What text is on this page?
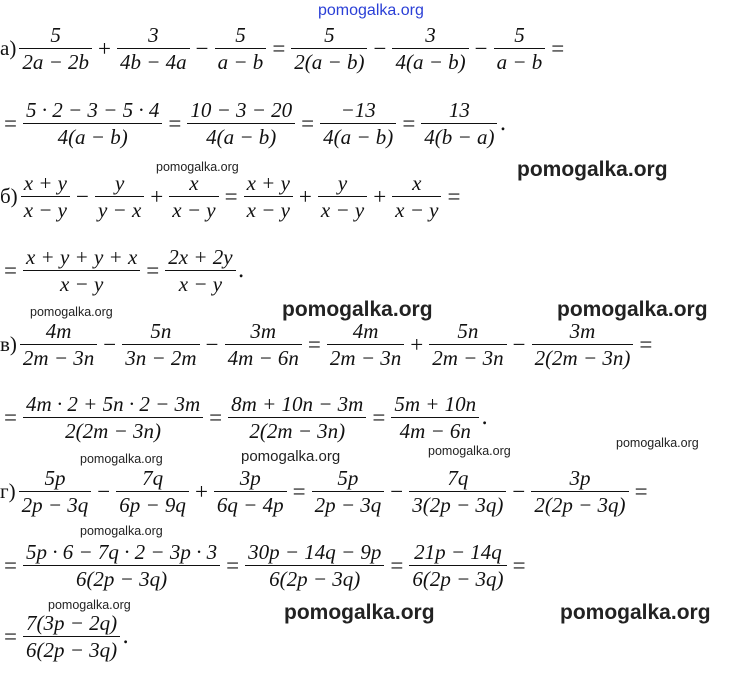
$а) \frac{5}{2a - 2b} + \frac{3}{4b - 4a} - \frac{5}{a - b} = \frac{5}{2(a - b)} - \frac{3}{4(a - b)} - \frac{5}{a - b}$ =
= $\frac{5 \cdot 2 - 3 - 5 \cdot 4}{4(a - b)} = \frac{10 - 3 - 20}{4(a - b)} = \frac{-13}{4(a - b)} = \frac{13}{4(b - a)}$ .
$б) \frac{x + y}{x - y} - \frac{y}{y - x} + \frac{x}{x - y} = \frac{x + y}{x - y} + \frac{y}{x - y} + \frac{x}{x - y}$ =
= $\frac{x + y + y + x}{x - y} = \frac{2x + 2y}{x - y}$ .
$в) \frac{4m}{2m - 3n} - \frac{5n}{3n - 2m} - \frac{3m}{4m - 6n} = \frac{4m}{2m - 3n} + \frac{5n}{2m - 3n} - \frac{3m}{2(2m - 3n)}$ =
= $\frac{4m \cdot 2 + 5n \cdot 2 - 3m}{2(2m - 3n)} = \frac{8m + 10n - 3m}{2(2m - 3n)} = \frac{5m + 10n}{4m - 6n}$ .
$г) \frac{5p}{2p - 3q} - \frac{7q}{6p - 9q} + \frac{3p}{6q - 4p} = \frac{5p}{2p - 3q} - \frac{7q}{3(2p - 3q)} - \frac{3p}{2(2p - 3q)}$ =
= $\frac{5p \cdot 6 - 7q \cdot 2 - 3p \cdot 3}{6(2p - 3q)} = \frac{30p - 14q - 9p}{6(2p - 3q)} = \frac{21p - 14q}{6(2p - 3q)}$ =
= $\frac{7(3p - 2q)}{6(2p - 3q)}$ .
pomogalka.org
pomogalka.org	pomogalka.org
pomogalka.org	pomogalka.org	pomogalka.org
pomogalka.org
pomogalka.org
pomogalka.org	pomogalka.org
pomogalka.org
pomogalka.org	pomogalka.org	pomogalka.org
